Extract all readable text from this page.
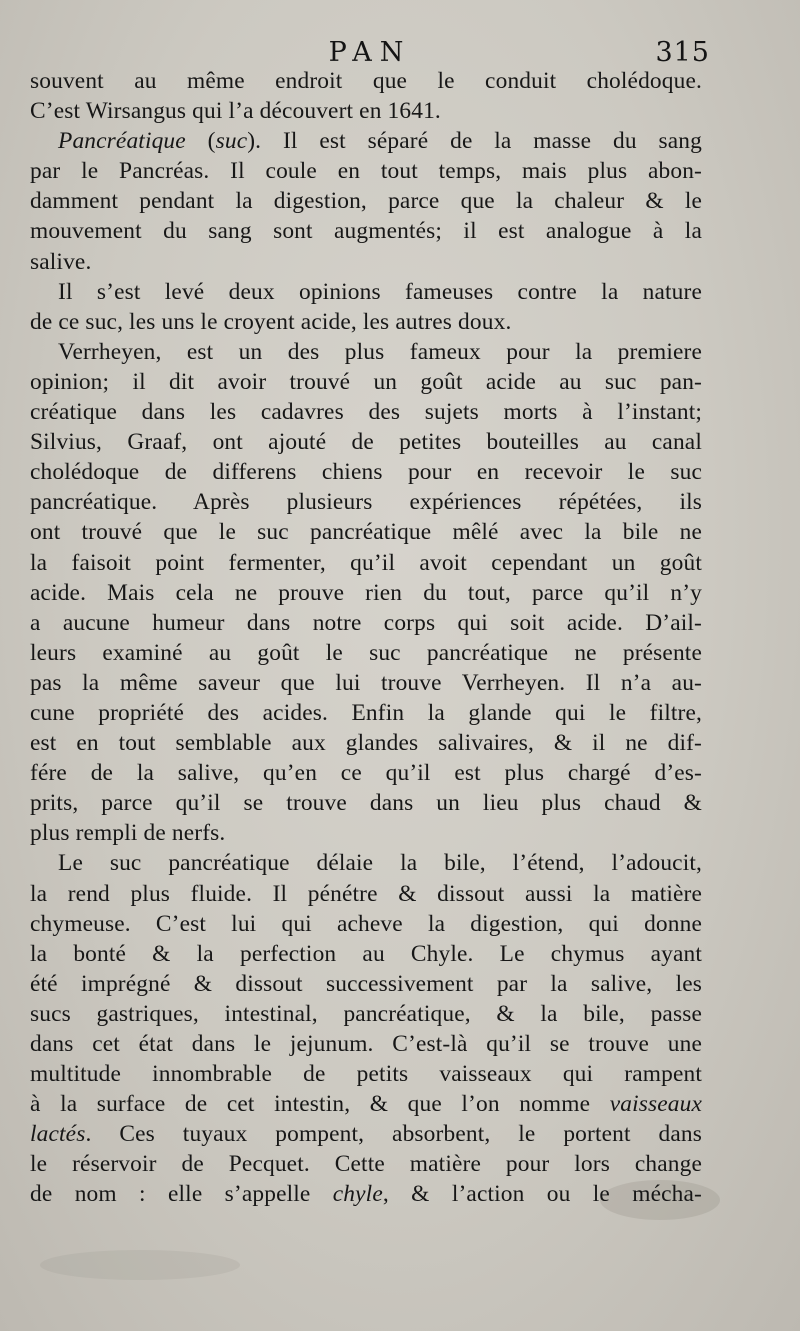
PAN	315
souvent au même endroit que le conduit cholédoque.
C’est Wirsangus qui l’a découvert en 1641.
Pancréatique (suc). Il est séparé de la masse du sang
par le Pancréas. Il coule en tout temps, mais plus abon-
damment pendant la digestion, parce que la chaleur & le
mouvement du sang sont augmentés; il est analogue à la
salive.
Il s’est levé deux opinions fameuses contre la nature
de ce suc, les uns le croyent acide, les autres doux.
Verrheyen, est un des plus fameux pour la premiere
opinion; il dit avoir trouvé un goût acide au suc pan-
créatique dans les cadavres des sujets morts à l’instant;
Silvius, Graaf, ont ajouté de petites bouteilles au canal
cholédoque de differens chiens pour en recevoir le suc
pancréatique. Après plusieurs expériences répétées, ils
ont trouvé que le suc pancréatique mêlé avec la bile ne
la faisoit point fermenter, qu’il avoit cependant un goût
acide. Mais cela ne prouve rien du tout, parce qu’il n’y
a aucune humeur dans notre corps qui soit acide. D’ail-
leurs examiné au goût le suc pancréatique ne présente
pas la même saveur que lui trouve Verrheyen. Il n’a au-
cune propriété des acides. Enfin la glande qui le filtre,
est en tout semblable aux glandes salivaires, & il ne dif-
fére de la salive, qu’en ce qu’il est plus chargé d’es-
prits, parce qu’il se trouve dans un lieu plus chaud &
plus rempli de nerfs.
Le suc pancréatique délaie la bile, l’étend, l’adoucit,
la rend plus fluide. Il pénétre & dissout aussi la matière
chymeuse. C’est lui qui acheve la digestion, qui donne
la bonté & la perfection au Chyle. Le chymus ayant
été imprégné & dissout successivement par la salive, les
sucs gastriques, intestinal, pancréatique, & la bile, passe
dans cet état dans le jejunum. C’est-là qu’il se trouve une
multitude innombrable de petits vaisseaux qui rampent
à la surface de cet intestin, & que l’on nomme vaisseaux
lactés. Ces tuyaux pompent, absorbent, le portent dans
le réservoir de Pecquet. Cette matière pour lors change
de nom : elle s’appelle chyle, & l’action ou le mécha-
